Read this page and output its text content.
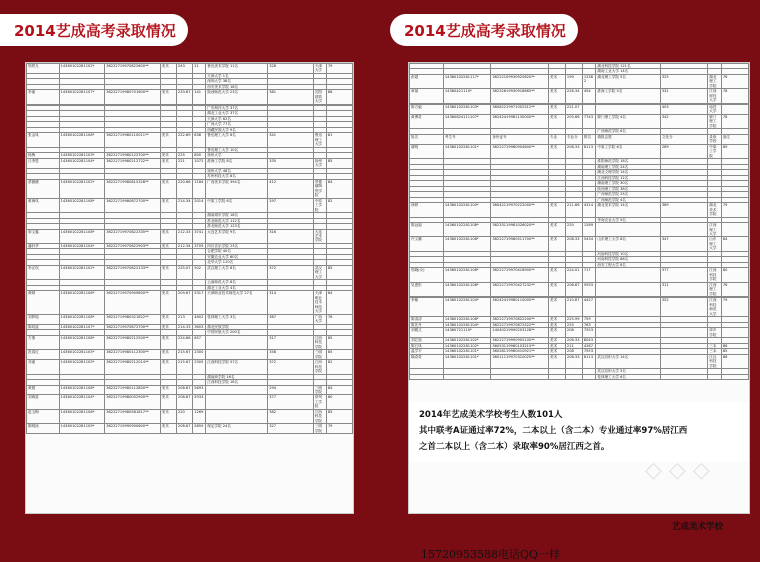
2014艺成高考录取情况
邬轶凡	14360102281102*	36222719970822600**	美术	243	21	鲁迅美术学院 11名	328	天津大学	79
						天津大学 1名			
						深圳大学 38名			
						西安美术学院 18名			
李丽	14360102281107*	36222719980701600**	美术	233.67	141	陕西师范大学 23名	381	沈阳建筑大学	86

						广东海洋大学 37名			
						湖北工业大学 37名			
						天津大学 62名			
						广西大学 77名			
						西藏民族大学 9名			
张金凤	14360102281108*	36222719980110011**	美术	222.89	838	鲁迅理工大学 6名	341	鲁迅理工大学	81
						鲁迅理工大学 10名			
杨梅	14360102281103*	36222719980122700**	美术	225	800	扬州大学			
丘李恩	14360102281104*	36222719980212722**	美术	221	1072	淮海工学院 8名	335	扬州大学	85
						扬州大学 48名			
						苏州科技大学 8名			
蔡薇薇	14360102281102*	36222719980815328**	美术	220.66	1184	广西美术学院 394名	412	景德镇陶瓷学院	84
黄海凤	14360102281108*	36222719980872700**	美术	214.34	2014	中原工学院 6名	297	中原工学院	82
						湖南城市学院 18名			
						淮北师范大学 112名			
						淮北师范大学 123名			
廖文鑫	14360102281108*	36222719970822335**	美术	212.33	3741	大连艺术学院 9名	316	大连艺术学院	
潘轩华	14360102281104*	36222719970822903**	美术	212.34	3709	四川音乐学院 23名			
						合肥学院 40名			
						安徽农业大学 60名			
						北华大学 110名			
李正权	14360102281102*	36222719970822133**	美术	225.07	502	武汉理工大学 8名	372	武汉理工大学	85
						云南师范大学 8名			
						湖北工业大学 4名			
黄晴	14360102281106*	36222719970909800**	美术	209.67	5317	天津职业技术师范大学 27名	314	天津职业技术师范大学	84
刘梦瑶	14360102281108*	36222719980321822**	美术	213	4602	桂林理工大学 3名	367	广西大学	76
陈绍骁	14360102281107*	36222719970872700**	美术	214.33	3603	湖北民族学院			
						中国民航大学 200名			
方倩	14360102281108*	36222719980212500**	美术	224.66	657		317	江西科技学院	85
范春红	14360102281105*	36222719980112300**	美术	215.67	2300		358	三明学院	85
邓丽	14360102281105*	36222719980212014**	美术	215.67	2305	江西科技学院 57名	372	江西科技学院	82
						湖南商学院 16名			
						江西科技学院 18名			
黄媛	14360102281108*	36222719980112800**	美术	208.67	5693		294	三明学院	84
刘海富	14360102281104*	36222719980052900**	美术	208.67	5933		377	常州工学院	80
赵玉梅	14360102281106*	36222719980581817**	美术	220	1269		382	江西科技学院	85
陈明扬	14360102281109*	36222719990900600**	美术	208.67	5859	保定学院 24名	327	三明学院	79
2014艺成高考录取情况
						湖北科技学院 121名			
						湖南工业大学 14名			
彭超	14360102281117*	36222109930920620**	美术	199	12382	湖北理工学院 5名	325	湖北理工学院	76
章斌	14360421110*	36232619930918665**	美术	226.34	454	淮海工学院 5名	331	江西财经大学	78

陈方毅	14360102281103*	36082219971002512**	美术	221.07			403	南昌大学	
黄博奇	14360824111107*	36242419981130000**	美术	205.66	7743	厦门理工学院 4名	342	厦门理工学院	78
						广西师范学院 6名			
姓名	考生号	身份证号	专业	专业分	排名	填报志愿	文化分	录取学校	备注
谢明	14360102281101*	36222719980904600**	美术	208.33	8113	中原工学院 6名	289	中原工学院	89
						淮阴师范学院 18名			
						湖南理工学院 24名			
						湖北文理学院 14名			
						江西科技学院 12名			
						湖南理工学院 30名			
						陕西理工学院 38名			
						广西师范学院 25名			
						广西师范学院 4名			
徐婷	14360102281100*	36042119970222000**	美术	211.66	4314	湖北美术学院 14名	389	湖北美术学院	79
						华南农业大学 9名			
陈远福	14360102281108*	36233119981026020**	美术	220	1269			江西理工大学	
许文鹏	14360102281108*	36222719980511700**	美术	208.33	5434	山东理工大学 8名	347	山东理工大学	84
						河南科技学院 10名			
						河南科技学院 88名			
						西安工程大学 8名			
邬晓(女)	14360102281108*	36222719970418900**	美术	224.01	717		377	江西科技学院	80
吴惠彤	14360102281108*	36222719970427232**	美术	208.67	5933		311	江西理工学院	76

李敏	14360102281104*	36242419980110000**	美术	210.67	4427		352	江西科技师范大学	79
陈清清	14360102281108*	36222719970822200**	美术	225.99	759				
陈先丹	14360102281104*	36222719970872522**	美术	225	763				
刘雅文	14360721110*	14040219990203128**	美术	208	7553			萍乡学院	
刘芯茹	14360102281102*	36222719990905100**	美术	208.33	8043				
陈石凤	14360102281102*	36053119980103215**	美术	211	4287			三本	86
温学平	14360102281101*	36028119980410921**	美术	208	7553			三本	85
喻奇奇	14360102281101*	36011119970310025**	美术	208.33	8113	武汉纺织大学 14名		江汉科技学院	88
						武汉纺织大学 5名			
						桂林理工大学 6名			

2014年艺成美术学校考生人数101人

其中联考A证通过率72%，二本以上（含二本）专业通过率97%居江西

之首二本以上（含二本）录取率90%居江西之首。

◇ ◇ ◇
艺成美术学校
15720953588电话QQ一样
